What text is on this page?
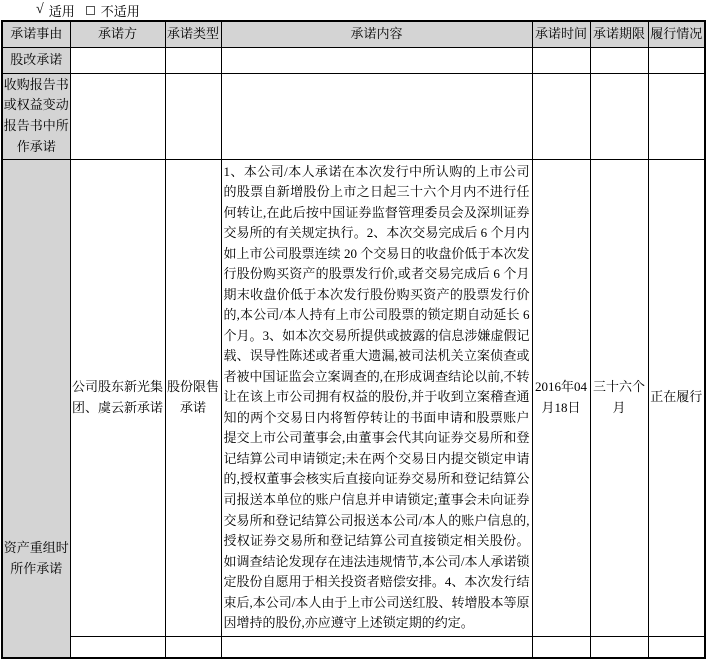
√ 适用 不适用
承诺事由	承诺方	承诺类型	承诺内容	承诺时间	承诺期限	履行情况
股改承诺						
收购报告书或权益变动报告书中所作承诺						
资产重组时所作承诺	公司股东新光集团、虞云新承诺	股份限售承诺	1、本公司/本人承诺在本次发行中所认购的上市公司的股票自新增股份上市之日起三十六个月内不进行任何转让,在此后按中国证券监督管理委员会及深圳证券交易所的有关规定执行。2、本次交易完成后 6 个月内如上市公司股票连续 20 个交易日的收盘价低于本次发行股份购买资产的股票发行价,或者交易完成后 6 个月期末收盘价低于本次发行股份购买资产的股票发行价的,本公司/本人持有上市公司股票的锁定期自动延长 6 个月。3、如本次交易所提供或披露的信息涉嫌虚假记载、误导性陈述或者重大遗漏,被司法机关立案侦查或者被中国证监会立案调查的,在形成调查结论以前,不转让在该上市公司拥有权益的股份,并于收到立案稽查通知的两个交易日内将暂停转让的书面申请和股票账户提交上市公司董事会,由董事会代其向证券交易所和登记结算公司申请锁定;未在两个交易日内提交锁定申请的,授权董事会核实后直接向证券交易所和登记结算公司报送本单位的账户信息并申请锁定;董事会未向证券交易所和登记结算公司报送本公司/本人的账户信息的,授权证券交易所和登记结算公司直接锁定相关股份。如调查结论发现存在违法违规情节,本公司/本人承诺锁定股份自愿用于相关投资者赔偿安排。4、本次发行结束后,本公司/本人由于上市公司送红股、转增股本等原因增持的股份,亦应遵守上述锁定期的约定。	2016年04月18日	三十六个月	正在履行
